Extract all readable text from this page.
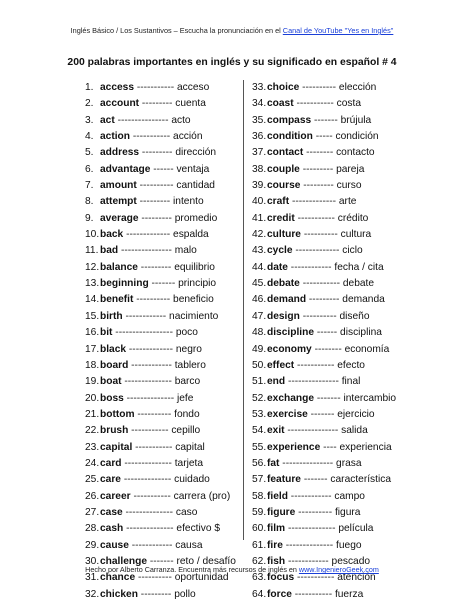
Inglés Básico / Los Sustantivos – Escucha la pronunciación en el Canal de YouTube "Yes en Inglés"
200 palabras importantes en inglés y su significado en español # 4
1. access ----------- acceso
2. account --------- cuenta
3. act --------------- acto
4. action ----------- acción
5. address --------- dirección
6. advantage ------ ventaja
7. amount ---------- cantidad
8. attempt --------- intento
9. average --------- promedio
10.back ------------- espalda
11. bad --------------- malo
12.balance --------- equilibrio
13.beginning ------- principio
14.benefit ---------- beneficio
15.birth ------------ nacimiento
16.bit ----------------- poco
17.black ------------- negro
18.board ------------ tablero
19.boat -------------- barco
20.boss -------------- jefe
21.bottom ---------- fondo
22.brush ----------- cepillo
23.capital ----------- capital
24.card -------------- tarjeta
25.care -------------- cuidado
26.career ----------- carrera (pro)
27.case -------------- caso
28.cash -------------- efectivo $
29.cause ------------ causa
30.challenge ------- reto / desafío
31.chance ---------- oportunidad
32.chicken --------- pollo
33.choice ---------- elección
34.coast ----------- costa
35.compass ------- brújula
36.condition ----- condición
37.contact -------- contacto
38.couple --------- pareja
39.course --------- curso
40.craft ------------- arte
41.credit ----------- crédito
42.culture ---------- cultura
43.cycle ------------- ciclo
44.date ------------ fecha / cita
45.debate ----------- debate
46.demand --------- demanda
47.design ---------- diseño
48.discipline ------ disciplina
49.economy -------- economía
50.effect ----------- efecto
51.end --------------- final
52.exchange ------- intercambio
53.exercise ------- ejercicio
54.exit --------------- salida
55.experience ---- experiencia
56.fat --------------- grasa
57.feature ------- característica
58.field ------------ campo
59.figure ---------- figura
60.film -------------- película
61.fire -------------- fuego
62.fish ------------ pescado
63.focus ----------- atención
64.force ----------- fuerza
Hecho por Alberto Carranza. Encuentra más recursos de inglés en www.IngenieroGeek.com
